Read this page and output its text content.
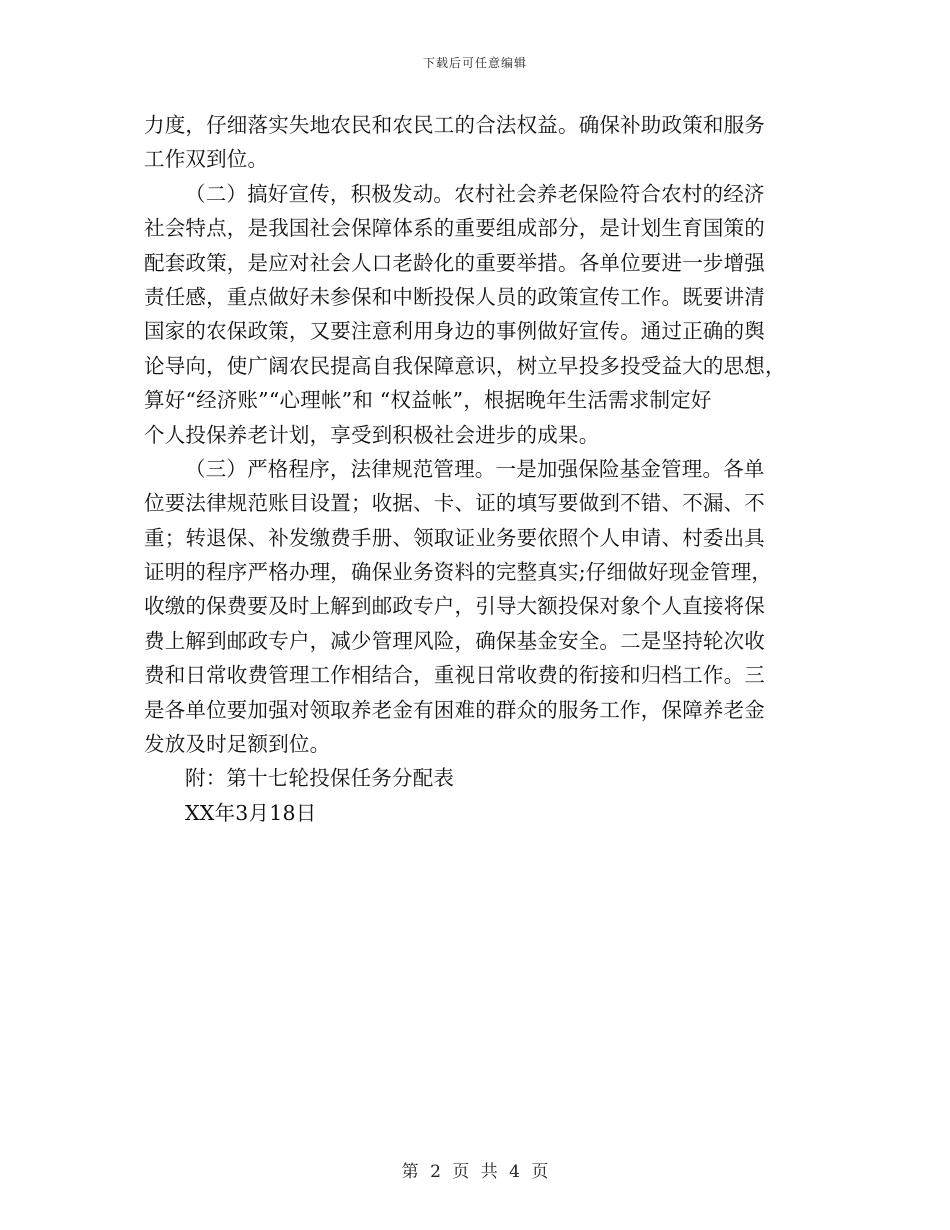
下载后可任意编辑
力度，仔细落实失地农民和农民工的合法权益。确保补助政策和服务
工作双到位。
（二）搞好宣传，积极发动。农村社会养老保险符合农村的经济
社会特点，是我国社会保障体系的重要组成部分，是计划生育国策的
配套政策，是应对社会人口老龄化的重要举措。各单位要进一步增强
责任感，重点做好未参保和中断投保人员的政策宣传工作。既要讲清
国家的农保政策，又要注意利用身边的事例做好宣传。通过正确的舆
论导向，使广阔农民提高自我保障意识，树立早投多投受益大的思想，
算好“经济账”“心理帐”和 “权益帐”，根据晚年生活需求制定好
个人投保养老计划，享受到积极社会进步的成果。
（三）严格程序，法律规范管理。一是加强保险基金管理。各单
位要法律规范账目设置；收据、卡、证的填写要做到不错、不漏、不
重；转退保、补发缴费手册、领取证业务要依照个人申请、村委出具
证明的程序严格办理，确保业务资料的完整真实;仔细做好现金管理，
收缴的保费要及时上解到邮政专户，引导大额投保对象个人直接将保
费上解到邮政专户，减少管理风险，确保基金安全。二是坚持轮次收
费和日常收费管理工作相结合，重视日常收费的衔接和归档工作。三
是各单位要加强对领取养老金有困难的群众的服务工作，保障养老金
发放及时足额到位。
附：第十七轮投保任务分配表
XX年3月18日
第 2 页 共 4 页
